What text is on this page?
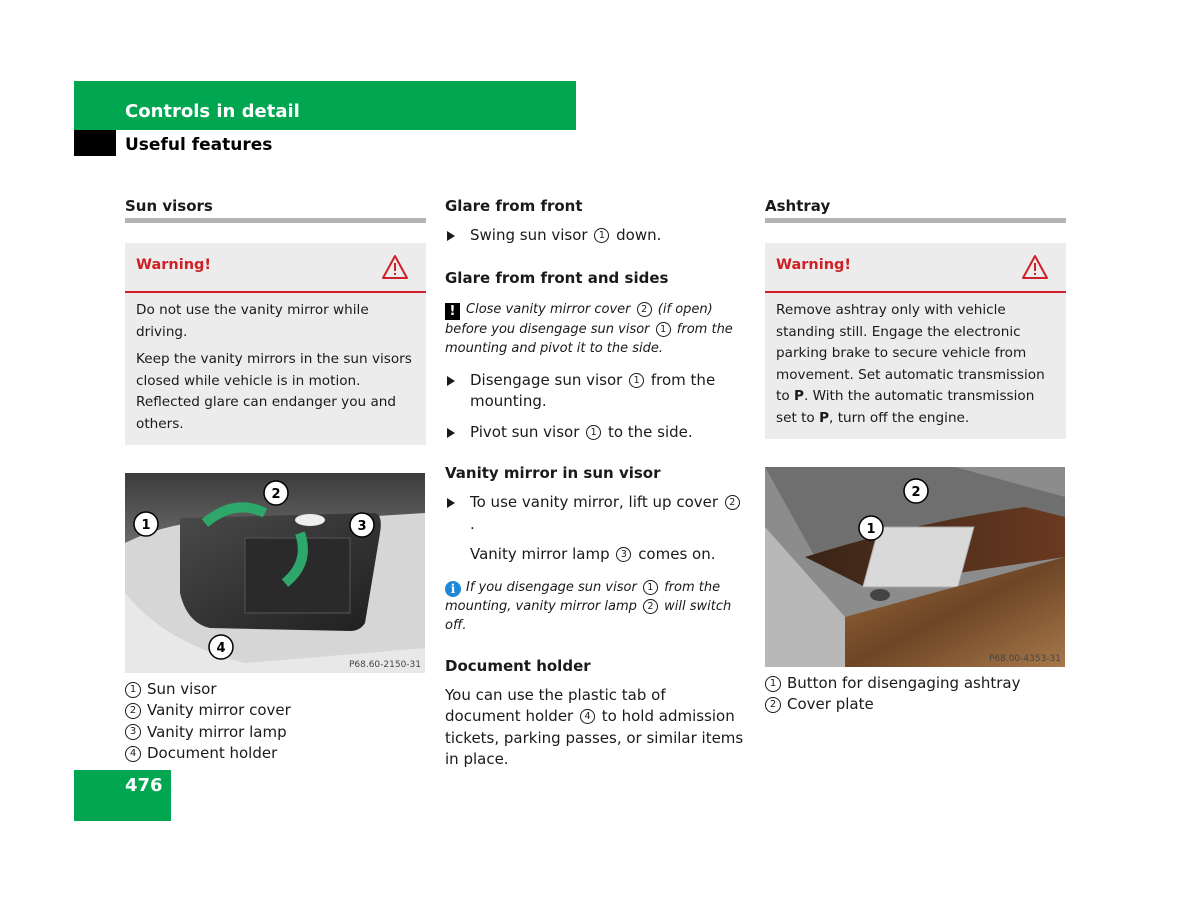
Controls in detail
Useful features
Sun visors
Warning!

Do not use the vanity mirror while driving.

Keep the vanity mirrors in the sun visors closed while vehicle is in motion. Reflected glare can endanger you and others.

1
2
3
4
P68.60-2150-31
1 Sun visor
2 Vanity mirror cover
3 Vanity mirror lamp
4 Document holder
Glare from front
Swing sun visor 1 down.
Glare from front and sides
! Close vanity mirror cover 2 (if open) before you disengage sun visor 1 from the mounting and pivot it to the side.
Disengage sun visor 1 from the mounting.
Pivot sun visor 1 to the side.
Vanity mirror in sun visor
To use vanity mirror, lift up cover 2.
Vanity mirror lamp 3 comes on.
i If you disengage sun visor 1 from the mounting, vanity mirror lamp 2 will switch off.
Document holder
You can use the plastic tab of document holder 4 to hold admission tickets, parking passes, or similar items in place.
Ashtray
Warning!

Remove ashtray only with vehicle standing still. Engage the electronic parking brake to secure vehicle from movement. Set automatic transmission to P. With the automatic transmission set to P, turn off the engine.

1
2
P68.00-4353-31
1 Button for disengaging ashtray
2 Cover plate
476
